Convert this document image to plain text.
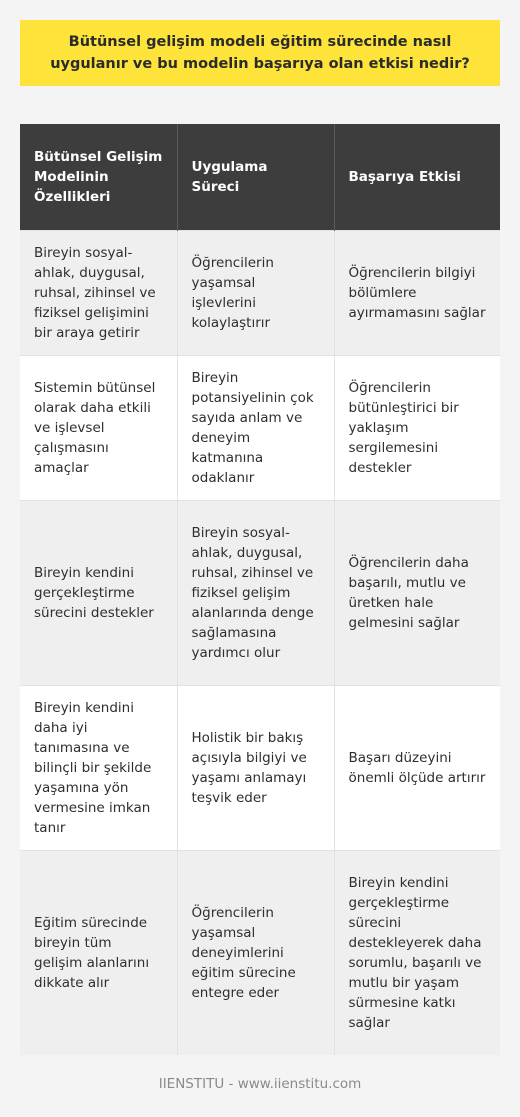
Bütünsel gelişim modeli eğitim sürecinde nasıl uygulanır ve bu modelin başarıya olan etkisi nedir?
Bütünsel Gelişim Modelinin Özellikleri	Uygulama Süreci	Başarıya Etkisi
Bireyin sosyal-ahlak, duygusal, ruhsal, zihinsel ve fiziksel gelişimini bir araya getirir	Öğrencilerin yaşamsal işlevlerini kolaylaştırır	Öğrencilerin bilgiyi bölümlere ayırmamasını sağlar
Sistemin bütünsel olarak daha etkili ve işlevsel çalışmasını amaçlar	Bireyin potansiyelinin çok sayıda anlam ve deneyim katmanına odaklanır	Öğrencilerin bütünleştirici bir yaklaşım sergilemesini destekler
Bireyin kendini gerçekleştirme sürecini destekler	Bireyin sosyal-ahlak, duygusal, ruhsal, zihinsel ve fiziksel gelişim alanlarında denge sağlamasına yardımcı olur	Öğrencilerin daha başarılı, mutlu ve üretken hale gelmesini sağlar
Bireyin kendini daha iyi tanımasına ve bilinçli bir şekilde yaşamına yön vermesine imkan tanır	Holistik bir bakış açısıyla bilgiyi ve yaşamı anlamayı teşvik eder	Başarı düzeyini önemli ölçüde artırır
Eğitim sürecinde bireyin tüm gelişim alanlarını dikkate alır	Öğrencilerin yaşamsal deneyimlerini eğitim sürecine entegre eder	Bireyin kendini gerçekleştirme sürecini destekleyerek daha sorumlu, başarılı ve mutlu bir yaşam sürmesine katkı sağlar
IIENSTITU - www.iienstitu.com
